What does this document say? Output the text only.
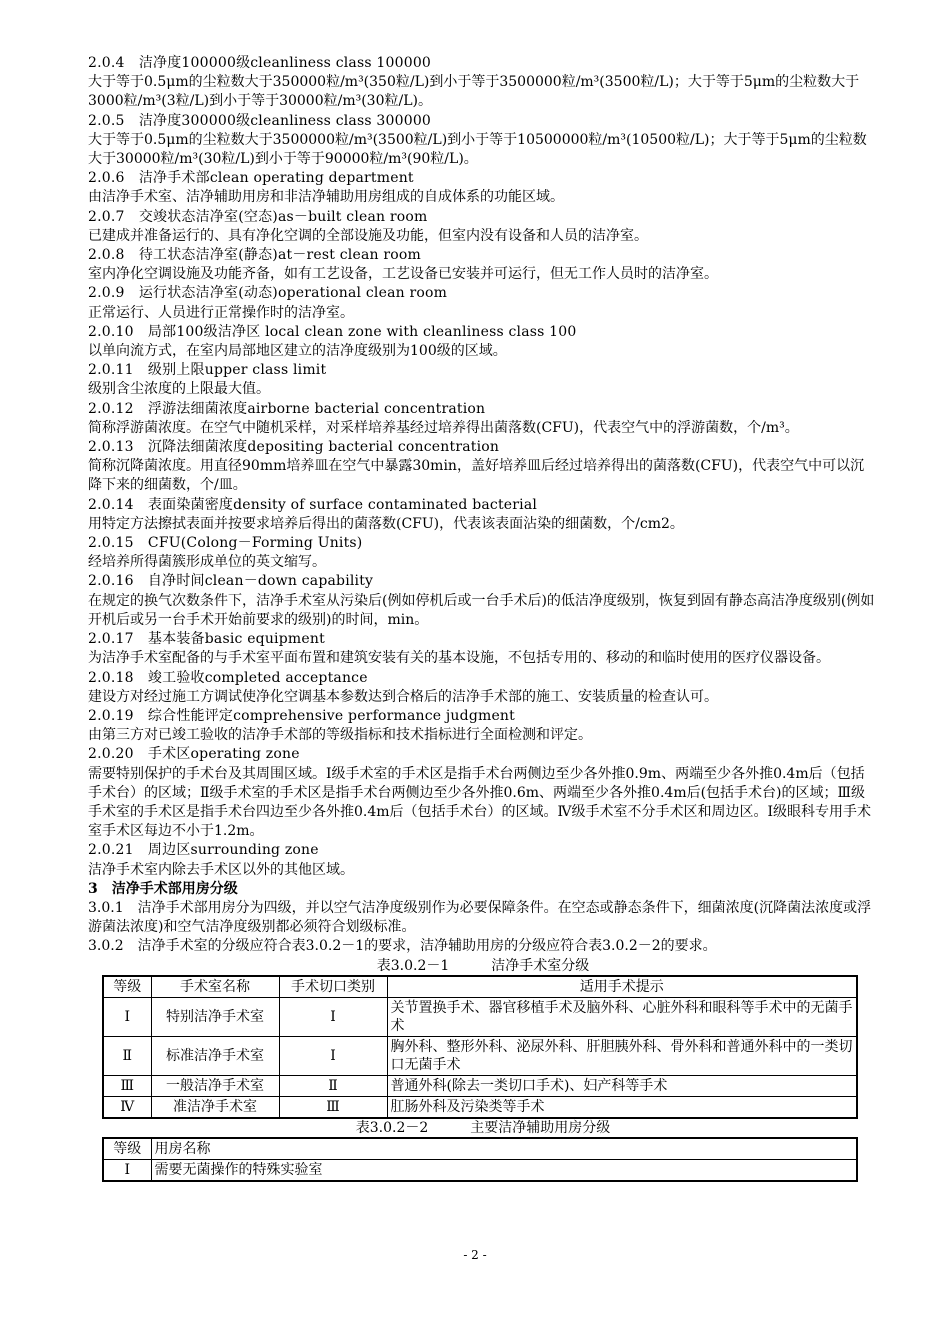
2.0.4　洁净度100000级cleanliness class 100000

大于等于0.5μm的尘粒数大于350000粒/m³(350粒/L)到小于等于3500000粒/m³(3500粒/L)；大于等于5μm的尘粒数大于3000粒/m³(3粒/L)到小于等于30000粒/m³(30粒/L)。

2.0.5　洁净度300000级cleanliness class 300000

大于等于0.5μm的尘粒数大于3500000粒/m³(3500粒/L)到小于等于10500000粒/m³(10500粒/L)；大于等于5μm的尘粒数大于30000粒/m³(30粒/L)到小于等于90000粒/m³(90粒/L)。

2.0.6　洁净手术部clean operating department

由洁净手术室、洁净辅助用房和非洁净辅助用房组成的自成体系的功能区域。

2.0.7　交竣状态洁净室(空态)as－built clean room

已建成并准备运行的、具有净化空调的全部设施及功能，但室内没有设备和人员的洁净室。

2.0.8　待工状态洁净室(静态)at－rest clean room

室内净化空调设施及功能齐备，如有工艺设备，工艺设备已安装并可运行，但无工作人员时的洁净室。

2.0.9　运行状态洁净室(动态)operational clean room

正常运行、人员进行正常操作时的洁净室。

2.0.10　局部100级洁净区 local clean zone with cleanliness class 100

以单向流方式，在室内局部地区建立的洁净度级别为100级的区域。

2.0.11　级别上限upper class limit

级别含尘浓度的上限最大值。

2.0.12　浮游法细菌浓度airborne bacterial concentration

简称浮游菌浓度。在空气中随机采样，对采样培养基经过培养得出菌落数(CFU)，代表空气中的浮游菌数，个/m³。

2.0.13　沉降法细菌浓度depositing bacterial concentration

简称沉降菌浓度。用直径90mm培养皿在空气中暴露30min，盖好培养皿后经过培养得出的菌落数(CFU)，代表空气中可以沉降下来的细菌数，个/皿。

2.0.14　表面染菌密度density of surface contaminated bacterial

用特定方法擦拭表面并按要求培养后得出的菌落数(CFU)，代表该表面沾染的细菌数，个/cm2。

2.0.15　CFU(Colong－Forming Units)

经培养所得菌簇形成单位的英文缩写。

2.0.16　自净时间clean－down capability

在规定的换气次数条件下，洁净手术室从污染后(例如停机后或一台手术后)的低洁净度级别，恢复到固有静态高洁净度级别(例如开机后或另一台手术开始前要求的级别)的时间，min。

2.0.17　基本装备basic equipment

为洁净手术室配备的与手术室平面布置和建筑安装有关的基本设施，不包括专用的、移动的和临时使用的医疗仪器设备。

2.0.18　竣工验收completed acceptance

建设方对经过施工方调试使净化空调基本参数达到合格后的洁净手术部的施工、安装质量的检查认可。

2.0.19　综合性能评定comprehensive performance judgment

由第三方对已竣工验收的洁净手术部的等级指标和技术指标进行全面检测和评定。

2.0.20　手术区operating zone

需要特别保护的手术台及其周围区域。Ⅰ级手术室的手术区是指手术台两侧边至少各外推0.9m、两端至少各外推0.4m后（包括手术台）的区域；Ⅱ级手术室的手术区是指手术台两侧边至少各外推0.6m、两端至少各外推0.4m后(包括手术台)的区域；Ⅲ级手术室的手术区是指手术台四边至少各外推0.4m后（包括手术台）的区域。Ⅳ级手术室不分手术区和周边区。Ⅰ级眼科专用手术室手术区每边不小于1.2m。

2.0.21　周边区surrounding zone

洁净手术室内除去手术区以外的其他区域。

3　洁净手术部用房分级

3.0.1　洁净手术部用房分为四级，并以空气洁净度级别作为必要保障条件。在空态或静态条件下，细菌浓度(沉降菌法浓度或浮游菌法浓度)和空气洁净度级别都必须符合划级标准。

3.0.2　洁净手术室的分级应符合表3.0.2－1的要求，洁净辅助用房的分级应符合表3.0.2－2的要求。

表3.0.2－1　　　洁净手术室分级

等级	手术室名称	手术切口类别	适用手术提示
Ⅰ	特别洁净手术室	Ⅰ	关节置换手术、器官移植手术及脑外科、心脏外科和眼科等手术中的无菌手术
Ⅱ	标准洁净手术室	Ⅰ	胸外科、整形外科、泌尿外科、肝胆胰外科、骨外科和普通外科中的一类切口无菌手术
Ⅲ	一般洁净手术室	Ⅱ	普通外科(除去一类切口手术)、妇产科等手术
Ⅳ	准洁净手术室	Ⅲ	肛肠外科及污染类等手术

表3.0.2－2　　　主要洁净辅助用房分级

等级	用房名称
Ⅰ	需要无菌操作的特殊实验室
- 2 -
